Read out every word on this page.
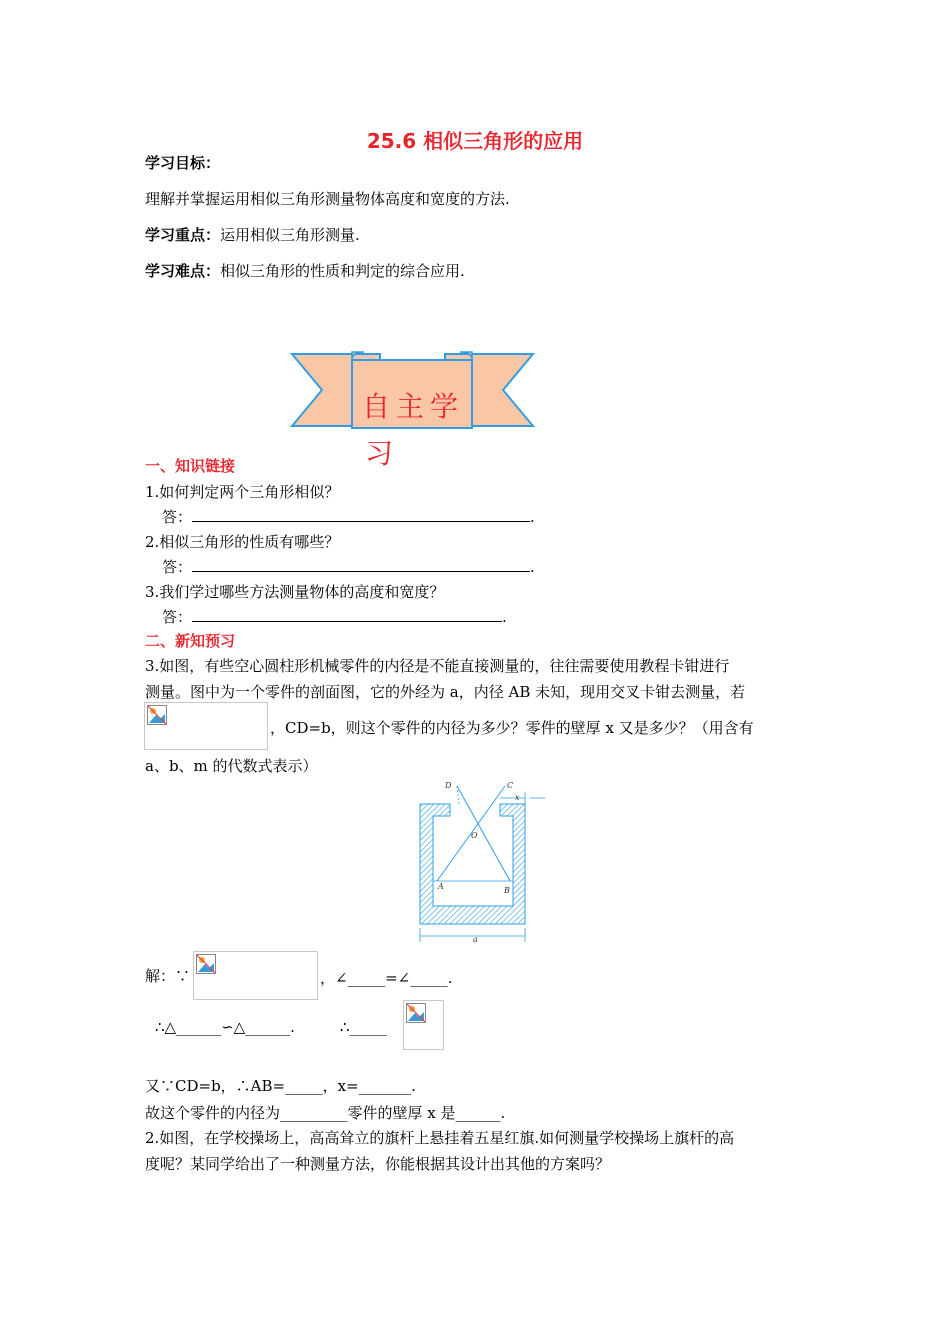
25.6 相似三角形的应用
学习目标：
理解并掌握运用相似三角形测量物体高度和宽度的方法.
学习重点：运用相似三角形测量.
学习难点：相似三角形的性质和判定的综合应用.
自主学
习
一、知识链接
1.如何判定两个三角形相似？
答：	.
2.相似三角形的性质有哪些？
答：	.
3.我们学过哪些方法测量物体的高度和宽度？
答：	.
二、新知预习
3.如图，有些空心圆柱形机械零件的内径是不能直接测量的，往往需要使用教程卡钳进行
测量。图中为一个零件的剖面图，它的外经为 a，内径 AB 未知，现用交叉卡钳去测量，若
，CD=b，则这个零件的内径为多少？零件的壁厚 x 又是多少？（用含有
a、b、m 的代数式表示）
D	C
O
A	B
x
a
解：∵	，∠_____=∠_____.
∴△______∽△______.	∴_____
又∵CD=b，∴AB=_____，x=_______.
故这个零件的内径为_________零件的壁厚 x 是______.
2.如图，在学校操场上，高高耸立的旗杆上悬挂着五星红旗.如何测量学校操场上旗杆的高
度呢？某同学给出了一种测量方法，你能根据其设计出其他的方案吗？
